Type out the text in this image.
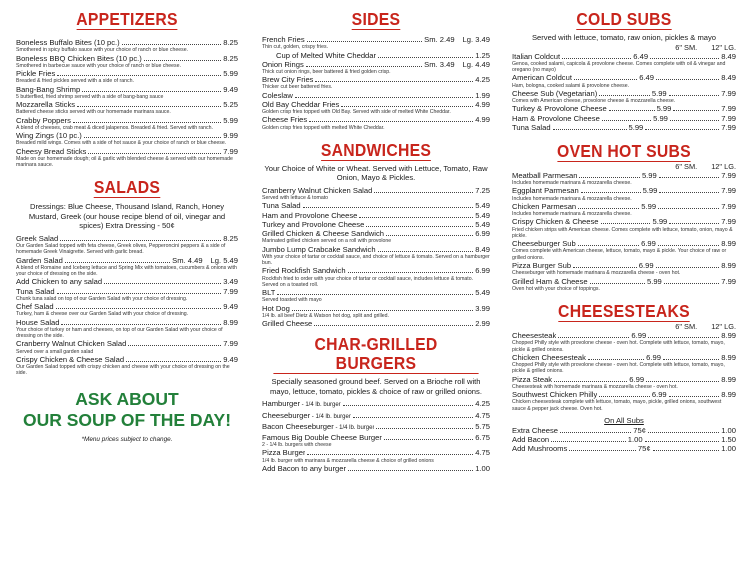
APPETIZERS
Boneless Buffalo Bites (10 pc.)	8.25
Smothered in spicy buffalo sauce with your choice of ranch or blue cheese.
Boneless BBQ Chicken Bites (10 pc.)	8.25
Smothered in barbecue sauce with your choice of ranch or blue cheese.
Pickle Fries	5.99
Breaded & fried pickles served with a side of ranch.
Bang-Bang Shrimp	9.49
5 butterflied, fried shrimp served with a side of bang-bang sauce
Mozzarella Sticks	5.25
Battered cheese sticks served with our homemade marinara sauce.
Crabby Poppers	5.99
A blend of cheeses, crab meat & diced jalapenos. Breaded & fried. Served with ranch.
Wing Zings (10 pc.)	9.99
Breaded mild wings. Comes with a side of hot sauce & your choice of ranch or blue cheese.
Cheesy Bread Sticks	7.99
Made on our homemade dough; oil & garlic with blended cheese & served with our homemade marinara sauce.
SALADS
Dressings: Blue Cheese, Thousand Island, Ranch, Honey Mustard, Greek (our house recipe blend of oil, vinegar and spices) Extra Dressing - 50¢
Greek Salad	8.25
Our Garden Salad topped with feta cheese, Greek olives, Pepperoncini peppers & a side of homemade Greek Vinaigrette. Served with garlic bread.
Garden Salad	Sm. 4.49 Lg. 5.49
A blend of Romaine and Iceberg lettuce and Spring Mix with tomatoes, cucumbers & onions with your choice of dressing on the side.
Add Chicken to any salad	3.49
Tuna Salad	7.99
Chunk tuna salad on top of our Garden Salad with your choice of dressing.
Chef Salad	9.49
Turkey, ham & cheese over our Garden Salad with your choice of dressing.
House Salad	8.99
Your choice of turkey or ham and cheeses, on top of our Garden Salad with your choice of dressing on the side.
Cranberry Walnut Chicken Salad	7.99
Served over a small garden salad
Crispy Chicken & Cheese Salad	9.49
Our Garden Salad topped with crispy chicken and cheese with your choice of dressing on the side.
ASK ABOUT
OUR SOUP OF THE DAY!
*Menu prices subject to change.
SIDES
French Fries	Sm. 2.49 Lg. 3.49
Thin cut, golden, crispy fries.
Cup of Melted White Cheddar	1.25
Onion Rings	Sm. 3.49 Lg. 4.49
Thick cut onion rings, beer battered & fried golden crisp.
Brew City Fries	4.25
Thicker cut beer battered fries.
Coleslaw	1.99
Old Bay Cheddar Fries	4.99
Golden crisp fries topped with Old Bay. Served with side of melted White Cheddar.
Cheese Fries	4.99
Golden crisp fries topped with melted White Cheddar.
SANDWICHES
Your Choice of White or Wheat. Served with Lettuce, Tomato, Raw Onion, Mayo & Pickles.
Cranberry Walnut Chicken Salad	7.25
Served with lettuce & tomato
Tuna Salad	5.49
Ham and Provolone Cheese	5.49
Turkey and Provolone Cheese	5.49
Grilled Chicken & Cheese Sandwich	6.99
Marinated grilled chicken served on a roll with provolone
Jumbo Lump Crabcake Sandwich	8.49
With your choice of tartar or cocktail sauce, and choice of lettuce & tomato. Served on a hamburger bun.
Fried Rockfish Sandwich	6.99
Rockfish fried to order with your choice of tartar or cocktail sauce, includes lettuce & tomato. Served on a toasted roll.
BLT	5.49
Served toasted with mayo
Hot Dog	3.99
1/4 lb. all beef Dietz & Watson hot dog, split and grilled.
Grilled Cheese	2.99
CHAR-GRILLED BURGERS
Specially seasoned ground beef. Served on a Brioche roll with mayo, lettuce, tomato, pickles & choice of raw or grilled onions.
Hamburger - 1/4 lb. burger	4.25
Cheeseburger - 1/4 lb. burger	4.75
Bacon Cheeseburger - 1/4 lb. burger	5.75
Famous Big Double Cheese Burger	6.75
2 - 1/4 lb. burgers with cheese
Pizza Burger	4.75
1/4 lb. burger with marinara & mozzarella cheese & choice of grilled onions
Add Bacon to any burger	1.00
COLD SUBS
Served with lettuce, tomato, raw onion, pickles & mayo
6" SM. 12" LG.
Italian Coldcut	6.49	8.49
Genoa, cooked salami, capicola & provolone cheese. Comes complete with oil & vinegar and oregano (no mayo)
American Coldcut	6.49	8.49
Ham, bologna, cooked salami & provolone cheese.
Cheese Sub (Vegetarian)	5.99	7.99
Comes with American cheese, provolone cheese & mozzarella cheese.
Turkey & Provolone Cheese	5.99	7.99
Ham & Provolone Cheese	5.99	7.99
Tuna Salad	5.99	7.99
OVEN HOT SUBS
6" SM. 12" LG.
Meatball Parmesan	5.99	7.99
Includes homemade marinara & mozzarella cheese.
Eggplant Parmesan	5.99	7.99
Includes homemade marinara & mozzarella cheese.
Chicken Parmesan	5.99	7.99
Includes homemade marinara & mozzarella cheese.
Crispy Chicken & Cheese	5.99	7.99
Fried chicken strips with American cheese. Comes complete with lettuce, tomato, onion, mayo & pickle.
Cheeseburger Sub	6.99	8.99
Comes complete with American cheese, lettuce, tomato, mayo & pickle. Your choice of raw or grilled onions.
Pizza Burger Sub	6.99	8.99
Cheeseburger with homemade marinara & mozzarella cheese - oven hot.
Grilled Ham & Cheese	5.99	7.99
Oven hot with your choice of toppings.
CHEESESTEAKS
6" SM. 12" LG.
Cheesesteak	6.99	8.99
Chopped Philly style with provolone cheese - oven hot. Complete with lettuce, tomato, mayo, pickle & grilled onions.
Chicken Cheesesteak	6.99	8.99
Chopped Philly style with provolone cheese - oven hot. Complete with lettuce, tomato, mayo, pickle & grilled onions.
Pizza Steak	6.99	8.99
Cheesesteak with homemade marinara & mozzarella cheese - oven hot.
Southwest Chicken Philly	6.99	8.99
Chicken cheesesteak complete with lettuce, tomato, mayo, pickle, grilled onions, southwest sauce & pepper jack cheese. Oven hot.
On All Subs
Extra Cheese	75¢	1.00
Add Bacon	1.00	1.50
Add Mushrooms	75¢	1.00
